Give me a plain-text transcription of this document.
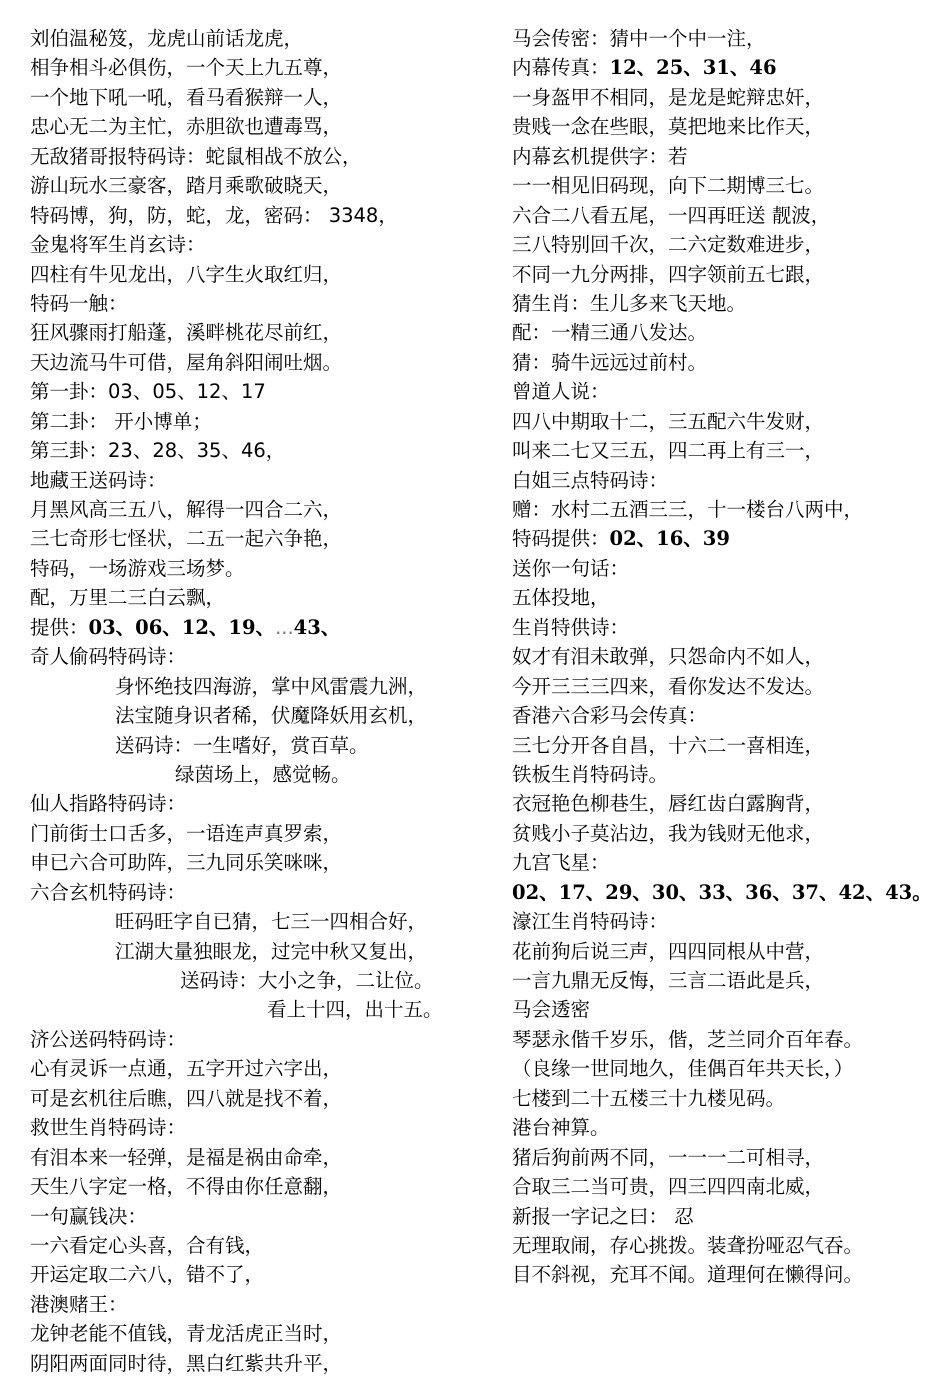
刘伯温秘笈，龙虎山前话龙虎，
相争相斗必俱伤，一个天上九五尊，
一个地下吼一吼，看马看猴辩一人，
忠心无二为主忙，赤胆欲也遭毒骂，
无敌猪哥报特码诗：蛇鼠相战不放公，
游山玩水三豪客，踏月乘歌破晓天，
特码博，狗，防，蛇，龙，密码： 3348，
金鬼将军生肖玄诗：
四柱有牛见龙出，八字生火取红归，
特码一触：
狂风骤雨打船蓬，溪畔桃花尽前红，
天边流马牛可借，屋角斜阳闹吐烟。
第一卦：03、05、12、17
第二卦： 开小博单；
第三卦：23、28、35、46，
地藏王送码诗：
月黑风高三五八，解得一四合二六，
三七奇形七怪状，二五一起六争艳，
特码，一场游戏三场梦。
配，万里二三白云飘，
提供：03、06、12、19、...43、
奇人偷码特码诗：
身怀绝技四海游，掌中风雷震九洲，
法宝随身识者稀，伏魔降妖用玄机，
送码诗：一生嗜好，赏百草。
绿茵场上，感觉畅。
仙人指路特码诗：
门前街士口舌多，一语连声真罗索，
申已六合可助阵，三九同乐笑咪咪，
六合玄机特码诗：
旺码旺字自已猜，七三一四相合好，
江湖大量独眼龙，过完中秋又复出，
送码诗：大小之争，二让位。
看上十四，出十五。
济公送码特码诗：
心有灵诉一点通，五字开过六字出，
可是玄机往后瞧，四八就是找不着，
救世生肖特码诗：
有泪本来一轻弹，是福是祸由命牵，
天生八字定一格，不得由你任意翻，
一句赢钱决：
一六看定心头喜，合有钱，
开运定取二六八，错不了，
港澳赌王：
龙钟老能不值钱，青龙活虎正当时，
阴阳两面同时待，黑白红紫共升平，
马会传密：猜中一个中一注，
内幕传真：12、25、31、46
一身盔甲不相同，是龙是蛇辩忠奸，
贵贱一念在些眼，莫把地来比作天，
内幕玄机提供字：若
一一相见旧码现，向下二期博三七。
六合二八看五尾，一四再旺送 靓波，
三八特别回千次，二六定数难进步，
不同一九分两排，四字领前五七跟，
猜生肖：生儿多来飞天地。
配：一精三通八发达。
猜：骑牛远远过前村。
曾道人说：
四八中期取十二，三五配六牛发财，
叫来二七又三五，四二再上有三一，
白姐三点特码诗：
赠：水村二五酒三三，十一楼台八两中，
特码提供：02、16、39
送你一句话：
五体投地，
生肖特供诗：
奴才有泪未敢弹，只怨命内不如人，
今开三三三四来，看你发达不发达。
香港六合彩马会传真：
三七分开各自昌，十六二一喜相连，
铁板生肖特码诗。
衣冠艳色柳巷生，唇红齿白露胸背，
贫贱小子莫沾边，我为钱财无他求，
九宫飞星：
02、17、29、30、33、36、37、42、43。
濠江生肖特码诗：
花前狗后说三声，四四同根从中营，
一言九鼎无反悔，三言二语此是兵，
马会透密
琴瑟永偕千岁乐，偕，芝兰同介百年春。
（良缘一世同地久，佳偶百年共天长，）
七楼到二十五楼三十九楼见码。
港台神算。
猪后狗前两不同，一一一二可相寻，
合取三二当可贵，四三四四南北威，
新报一字记之曰： 忍
无理取闹，存心挑拨。装聋扮哑忍气吞。
目不斜视，充耳不闻。道理何在懒得问。
